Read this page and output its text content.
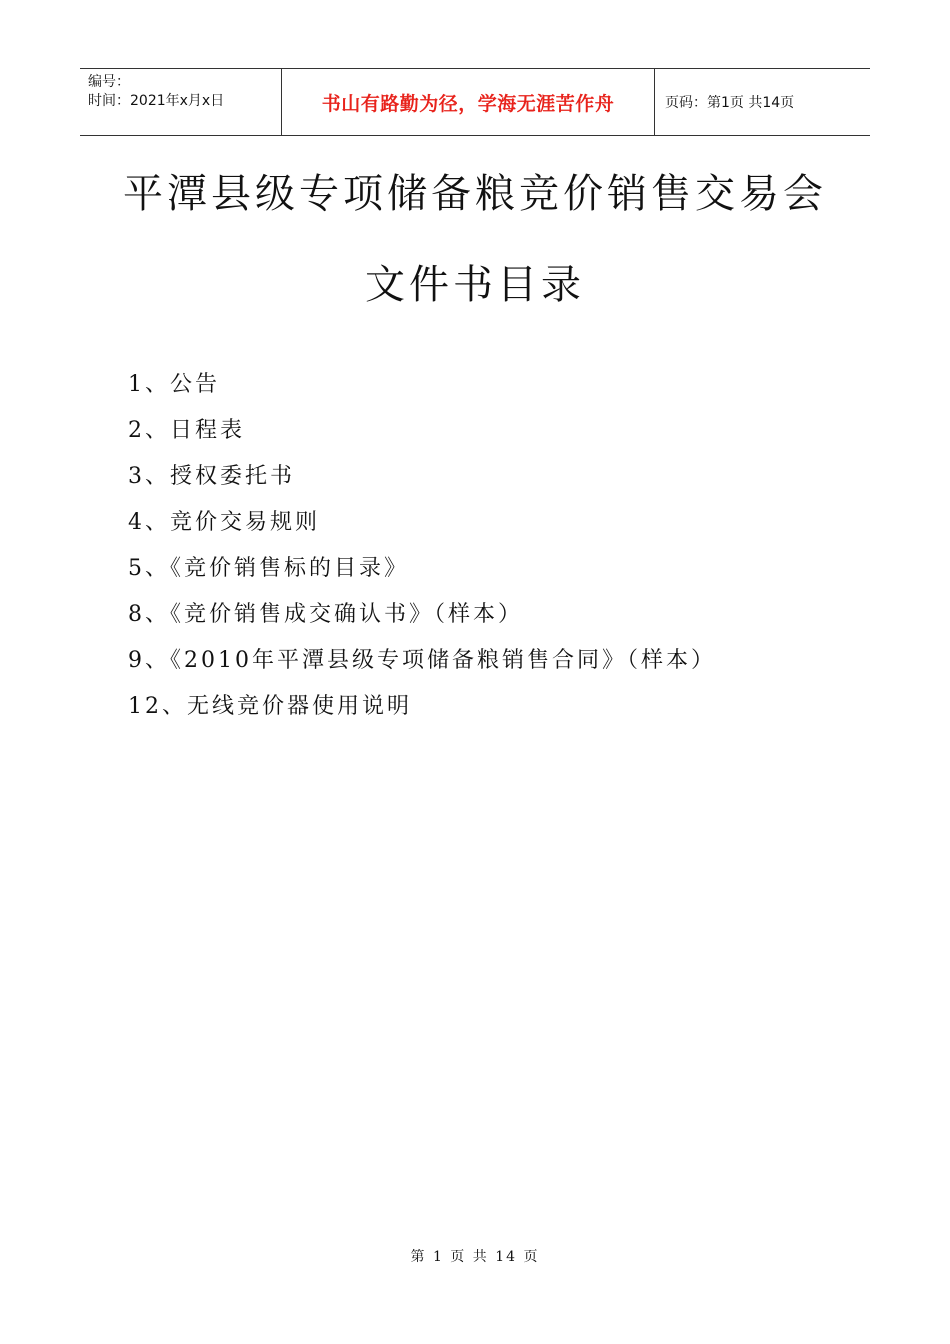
编号：
时间：2021年x月x日	书山有路勤为径，学海无涯苦作舟	页码：第1页 共14页
平潭县级专项储备粮竞价销售交易会
文件书目录
1、公告
2、日程表
3、授权委托书
4、竞价交易规则
5、《竞价销售标的目录》
8、《竞价销售成交确认书》（样本）
9、《2010年平潭县级专项储备粮销售合同》（样本）
12、无线竞价器使用说明
第 1 页 共 14 页
